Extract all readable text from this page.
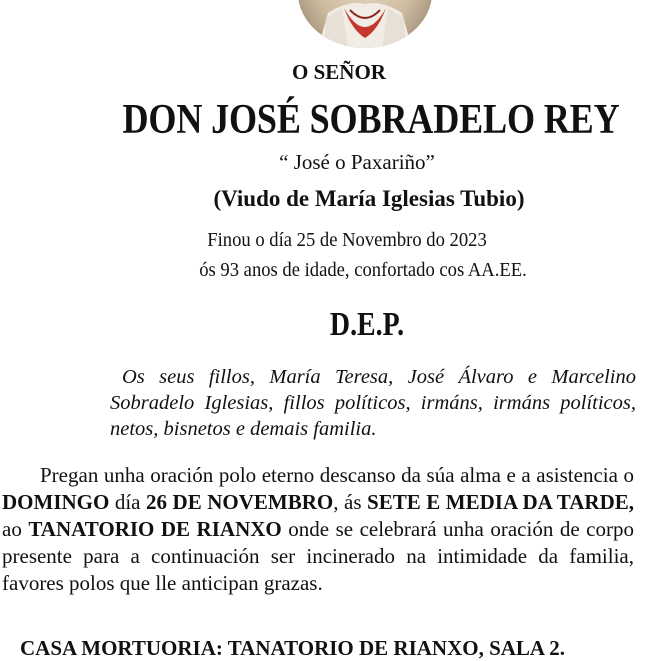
O SEÑOR
DON JOSÉ SOBRADELO REY
“ José o Paxariño”
(Viudo de María Iglesias Tubio)
Finou o día 25 de Novembro do 2023
ós 93 anos de idade, confortado cos AA.EE.
D.E.P.
Os seus fillos, María Teresa, José Álvaro e Marcelino Sobradelo Iglesias, fillos políticos, irmáns, irmáns políticos, netos, bisnetos e demais familia.
Pregan unha oración polo eterno descanso da súa alma e a asistencia o DOMINGO día 26 DE NOVEMBRO, ás SETE E MEDIA DA TARDE, ao TANATORIO DE RIANXO onde se celebrará unha oración de corpo presente para a continuación ser incinerado na intimidade da familia, favores polos que lle anticipan grazas.
CASA MORTUORIA: TANATORIO DE RIANXO, SALA 2.
